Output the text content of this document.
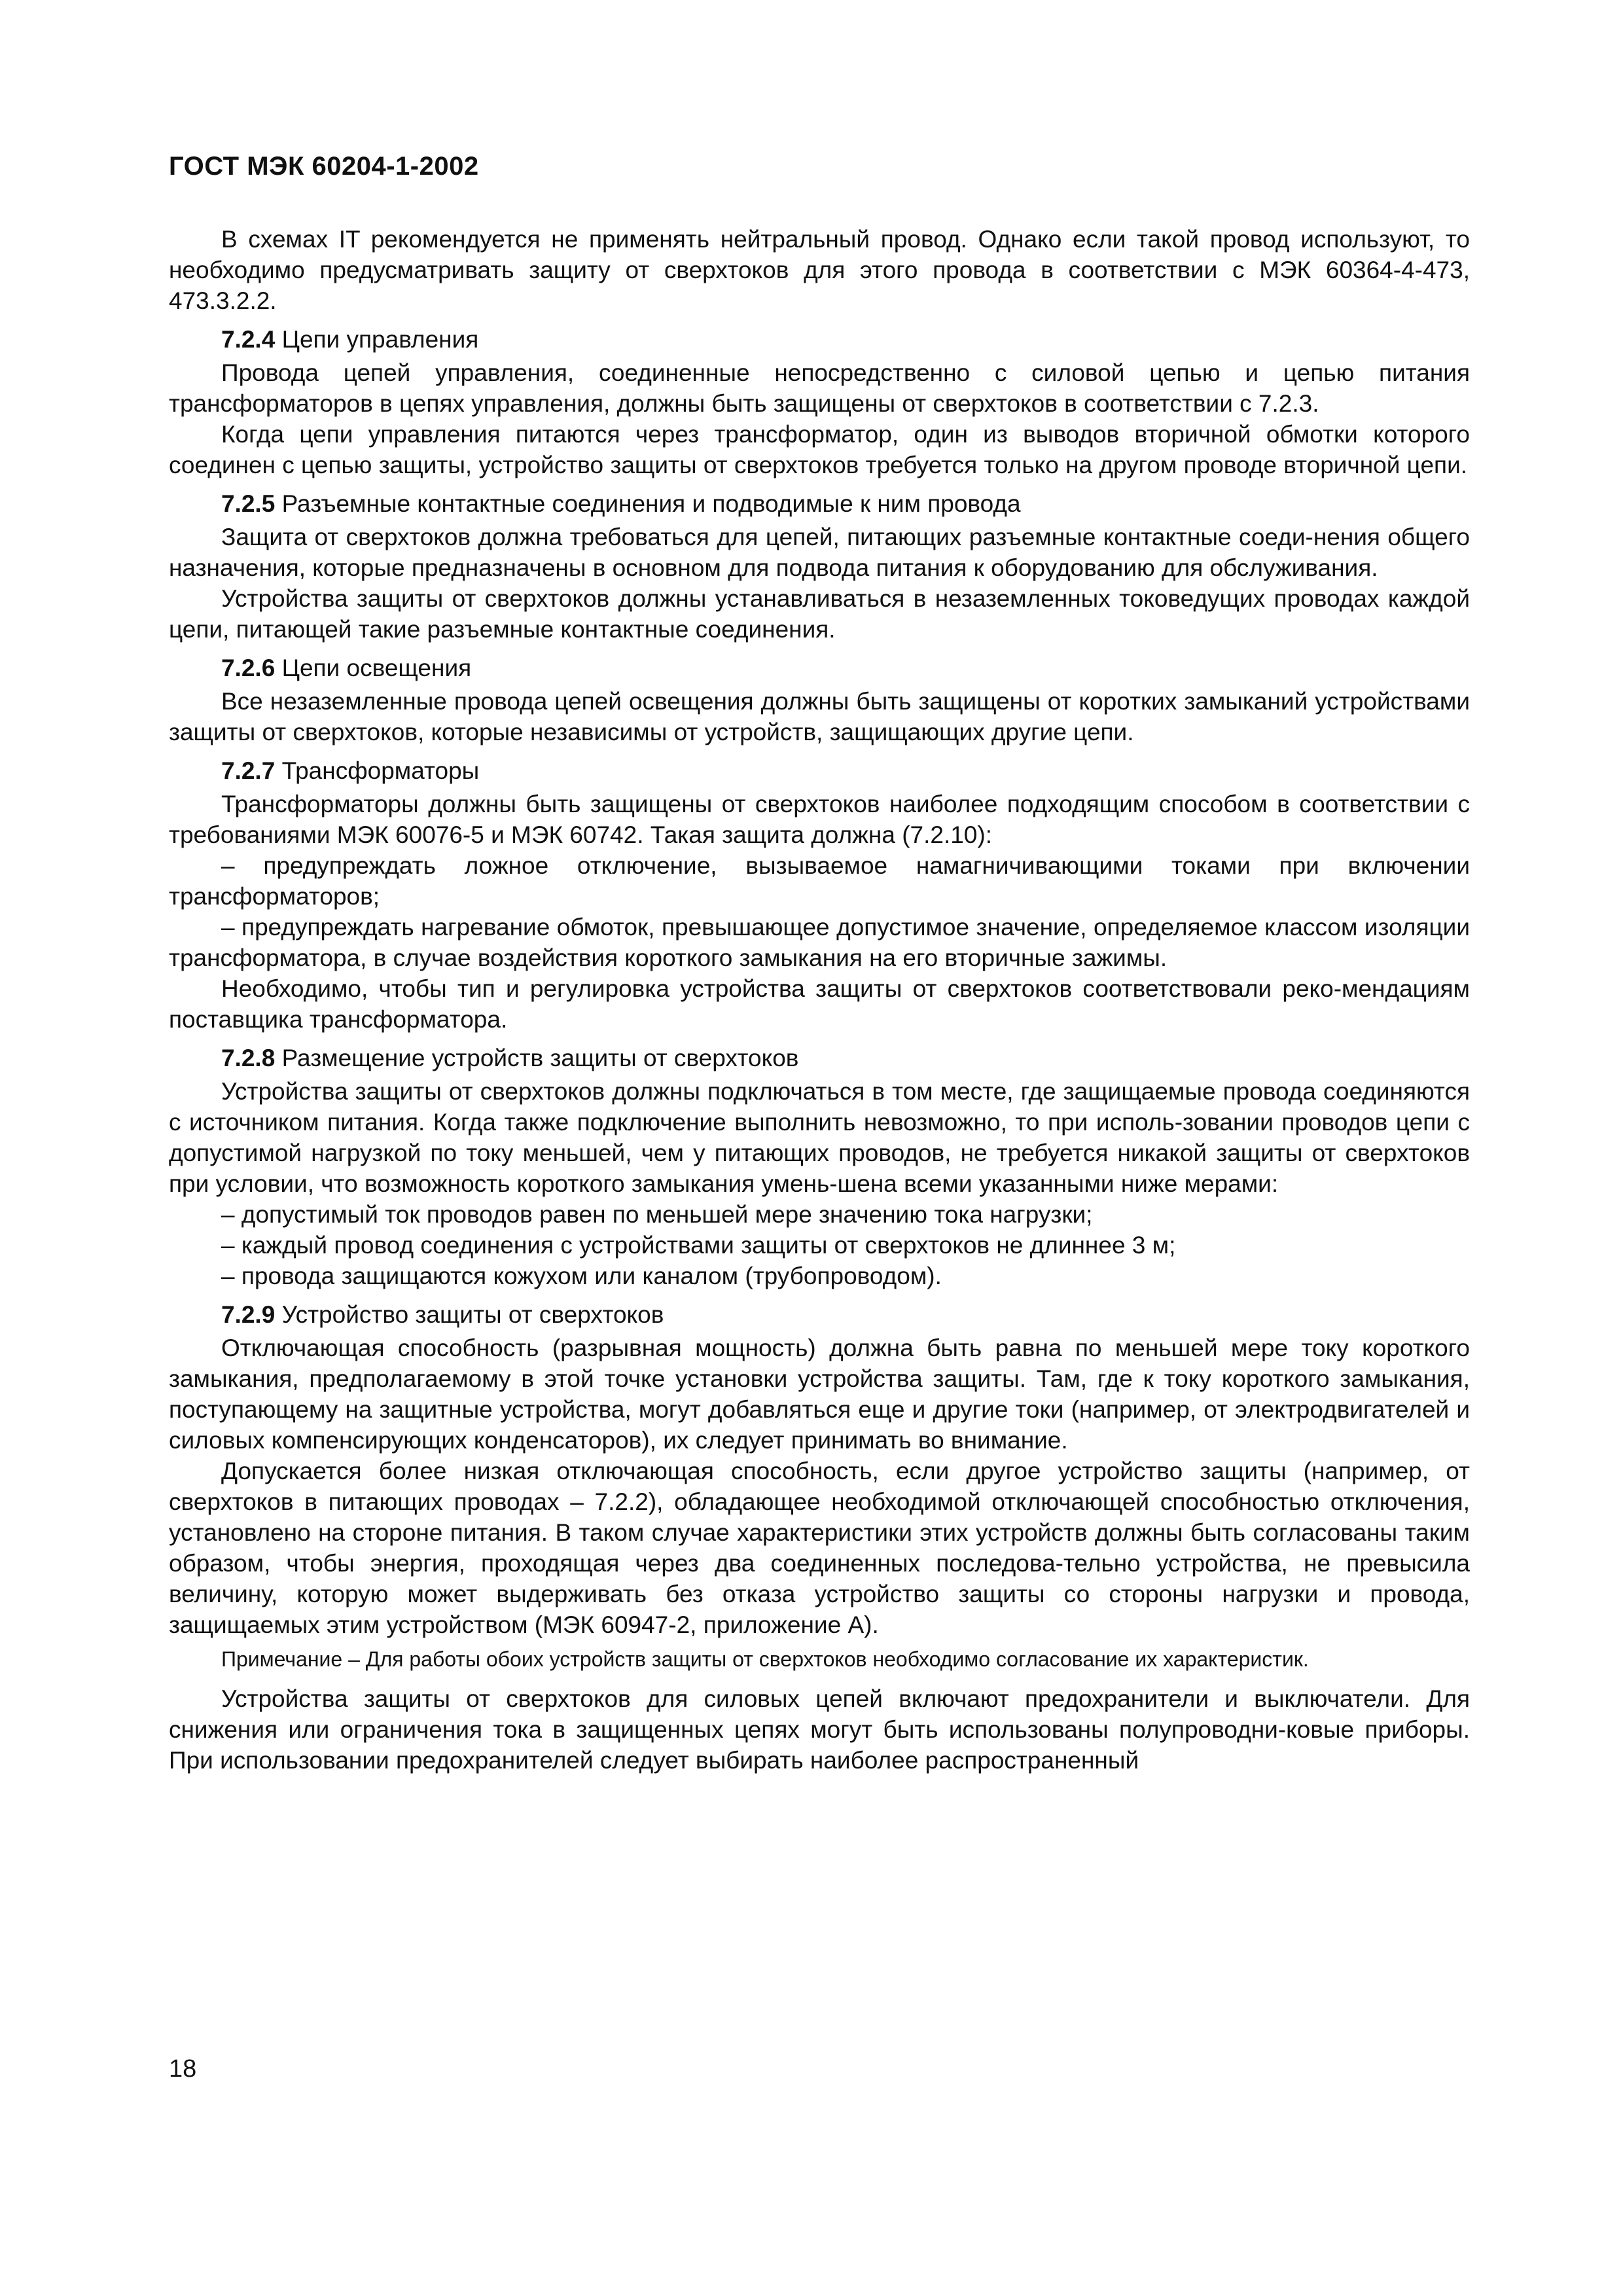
ГОСТ МЭК 60204-1-2002

В схемах IT рекомендуется не применять нейтральный провод. Однако если такой провод используют, то необходимо предусматривать защиту от сверхтоков для этого провода в соответствии с МЭК 60364-4-473, 473.3.2.2.

7.2.4 Цепи управления

Провода цепей управления, соединенные непосредственно с силовой цепью и цепью питания трансформаторов в цепях управления, должны быть защищены от сверхтоков в соответствии с 7.2.3.

Когда цепи управления питаются через трансформатор, один из выводов вторичной обмотки которого соединен с цепью защиты, устройство защиты от сверхтоков требуется только на другом проводе вторичной цепи.

7.2.5 Разъемные контактные соединения и подводимые к ним провода

Защита от сверхтоков должна требоваться для цепей, питающих разъемные контактные соеди-нения общего назначения, которые предназначены в основном для подвода питания к оборудованию для обслуживания.

Устройства защиты от сверхтоков должны устанавливаться в незаземленных токоведущих проводах каждой цепи, питающей такие разъемные контактные соединения.

7.2.6 Цепи освещения

Все незаземленные провода цепей освещения должны быть защищены от коротких замыканий устройствами защиты от сверхтоков, которые независимы от устройств, защищающих другие цепи.

7.2.7 Трансформаторы

Трансформаторы должны быть защищены от сверхтоков наиболее подходящим способом в соответствии с требованиями МЭК 60076-5 и МЭК 60742. Такая защита должна (7.2.10):

– предупреждать ложное отключение, вызываемое намагничивающими токами при включении трансформаторов;

– предупреждать нагревание обмоток, превышающее допустимое значение, определяемое классом изоляции трансформатора, в случае воздействия короткого замыкания на его вторичные зажимы.

Необходимо, чтобы тип и регулировка устройства защиты от сверхтоков соответствовали реко-мендациям поставщика трансформатора.

7.2.8 Размещение устройств защиты от сверхтоков

Устройства защиты от сверхтоков должны подключаться в том месте, где защищаемые провода соединяются с источником питания. Когда также подключение выполнить невозможно, то при исполь-зовании проводов цепи с допустимой нагрузкой по току меньшей, чем у питающих проводов, не требуется никакой защиты от сверхтоков при условии, что возможность короткого замыкания умень-шена всеми указанными ниже мерами:

– допустимый ток проводов равен по меньшей мере значению тока нагрузки;

– каждый провод соединения с устройствами защиты от сверхтоков не длиннее 3 м;

– провода защищаются кожухом или каналом (трубопроводом).

7.2.9 Устройство защиты от сверхтоков

Отключающая способность (разрывная мощность) должна быть равна по меньшей мере току короткого замыкания, предполагаемому в этой точке установки устройства защиты. Там, где к току короткого замыкания, поступающему на защитные устройства, могут добавляться еще и другие токи (например, от электродвигателей и силовых компенсирующих конденсаторов), их следует принимать во внимание.

Допускается более низкая отключающая способность, если другое устройство защиты (например, от сверхтоков в питающих проводах – 7.2.2), обладающее необходимой отключающей способностью отключения, установлено на стороне питания. В таком случае характеристики этих устройств должны быть согласованы таким образом, чтобы энергия, проходящая через два соединенных последова-тельно устройства, не превысила величину, которую может выдерживать без отказа устройство защиты со стороны нагрузки и провода, защищаемых этим устройством (МЭК 60947-2, приложение А).

Примечание – Для работы обоих устройств защиты от сверхтоков необходимо согласование их характеристик.

Устройства защиты от сверхтоков для силовых цепей включают предохранители и выключатели. Для снижения или ограничения тока в защищенных цепях могут быть использованы полупроводни-ковые приборы. При использовании предохранителей следует выбирать наиболее распространенный

18
